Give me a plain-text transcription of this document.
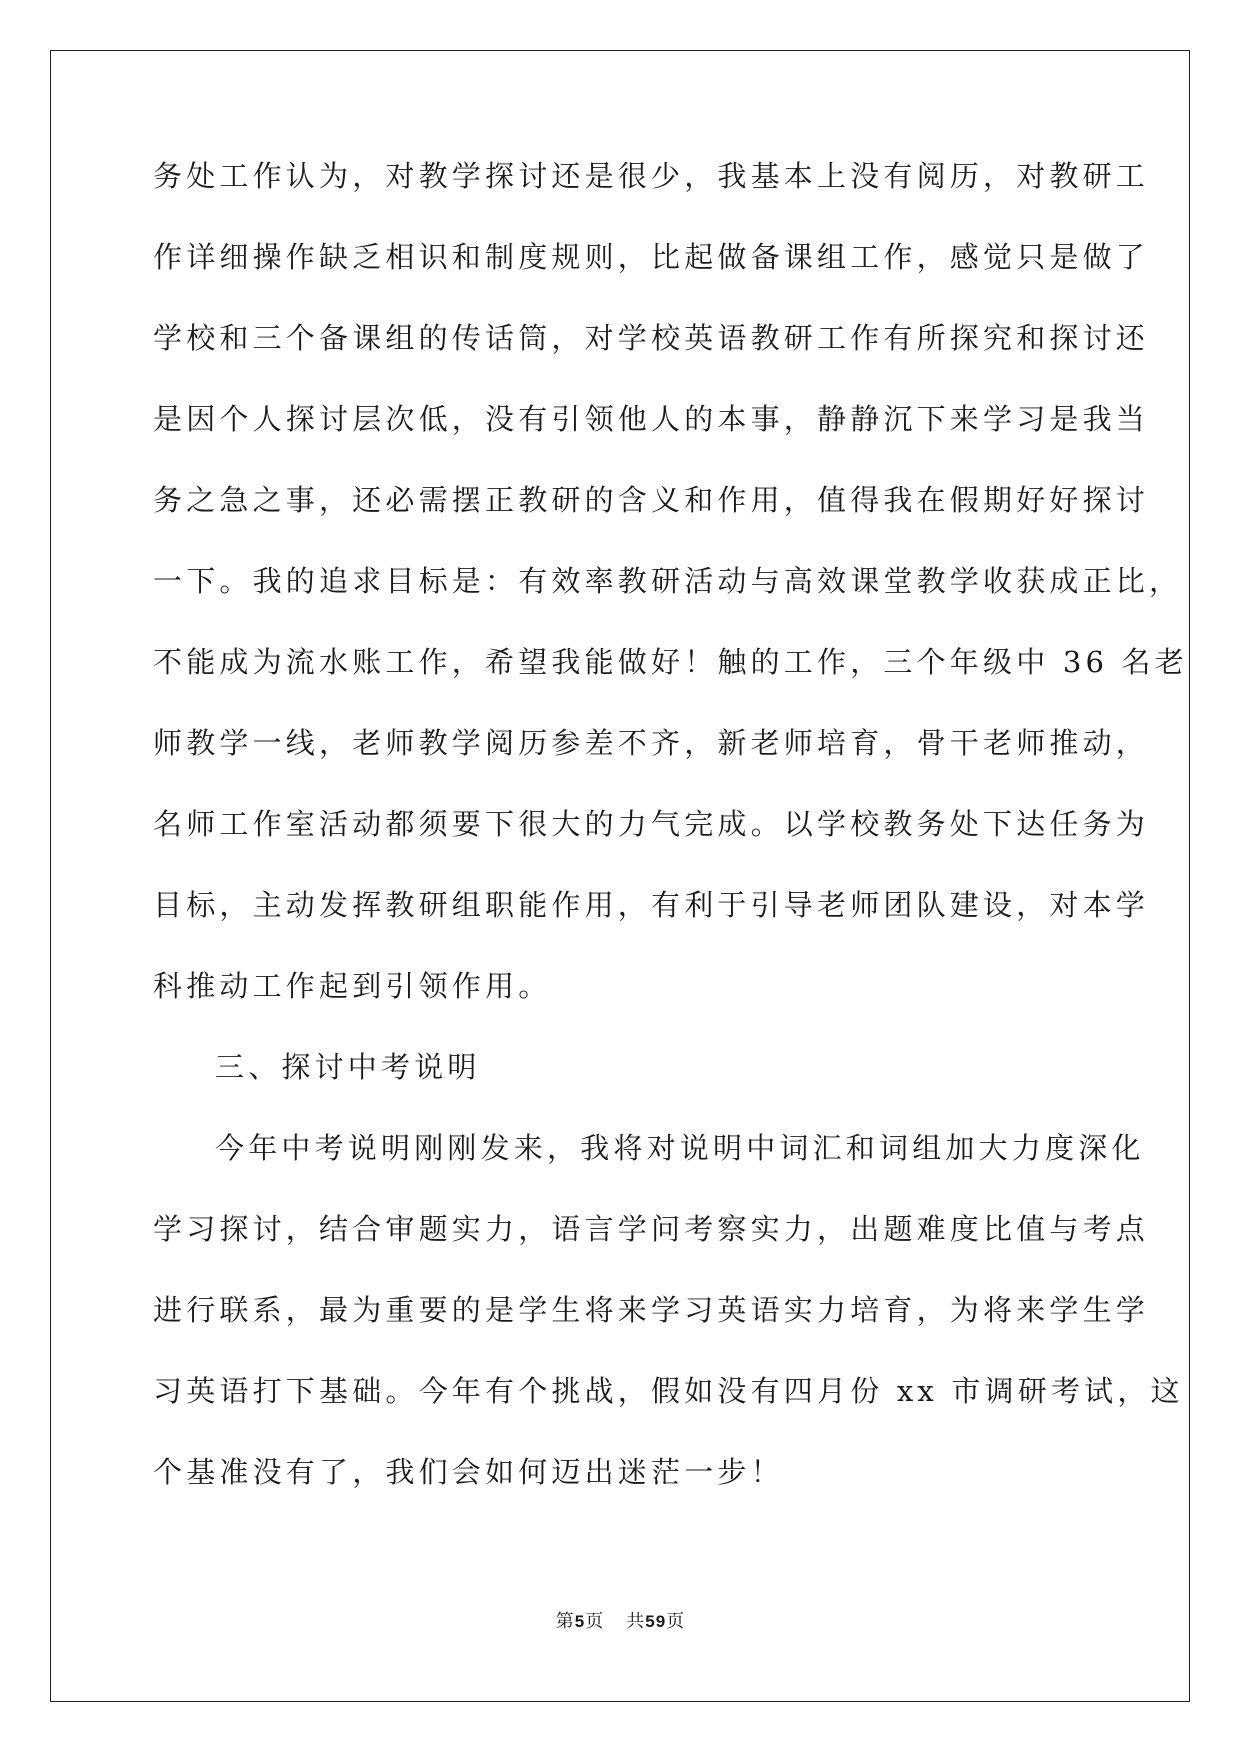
务处工作认为，对教学探讨还是很少，我基本上没有阅历，对教研工
作详细操作缺乏相识和制度规则，比起做备课组工作，感觉只是做了
学校和三个备课组的传话筒，对学校英语教研工作有所探究和探讨还
是因个人探讨层次低，没有引领他人的本事，静静沉下来学习是我当
务之急之事，还必需摆正教研的含义和作用，值得我在假期好好探讨
一下。我的追求目标是：有效率教研活动与高效课堂教学收获成正比，
不能成为流水账工作，希望我能做好！触的工作，三个年级中 36 名老
师教学一线，老师教学阅历参差不齐，新老师培育，骨干老师推动，
名师工作室活动都须要下很大的力气完成。以学校教务处下达任务为
目标，主动发挥教研组职能作用，有利于引导老师团队建设，对本学
科推动工作起到引领作用。
三、探讨中考说明
今年中考说明刚刚发来，我将对说明中词汇和词组加大力度深化
学习探讨，结合审题实力，语言学问考察实力，出题难度比值与考点
进行联系，最为重要的是学生将来学习英语实力培育，为将来学生学
习英语打下基础。今年有个挑战，假如没有四月份 xx 市调研考试，这
个基准没有了，我们会如何迈出迷茫一步！
第5页 共59页
